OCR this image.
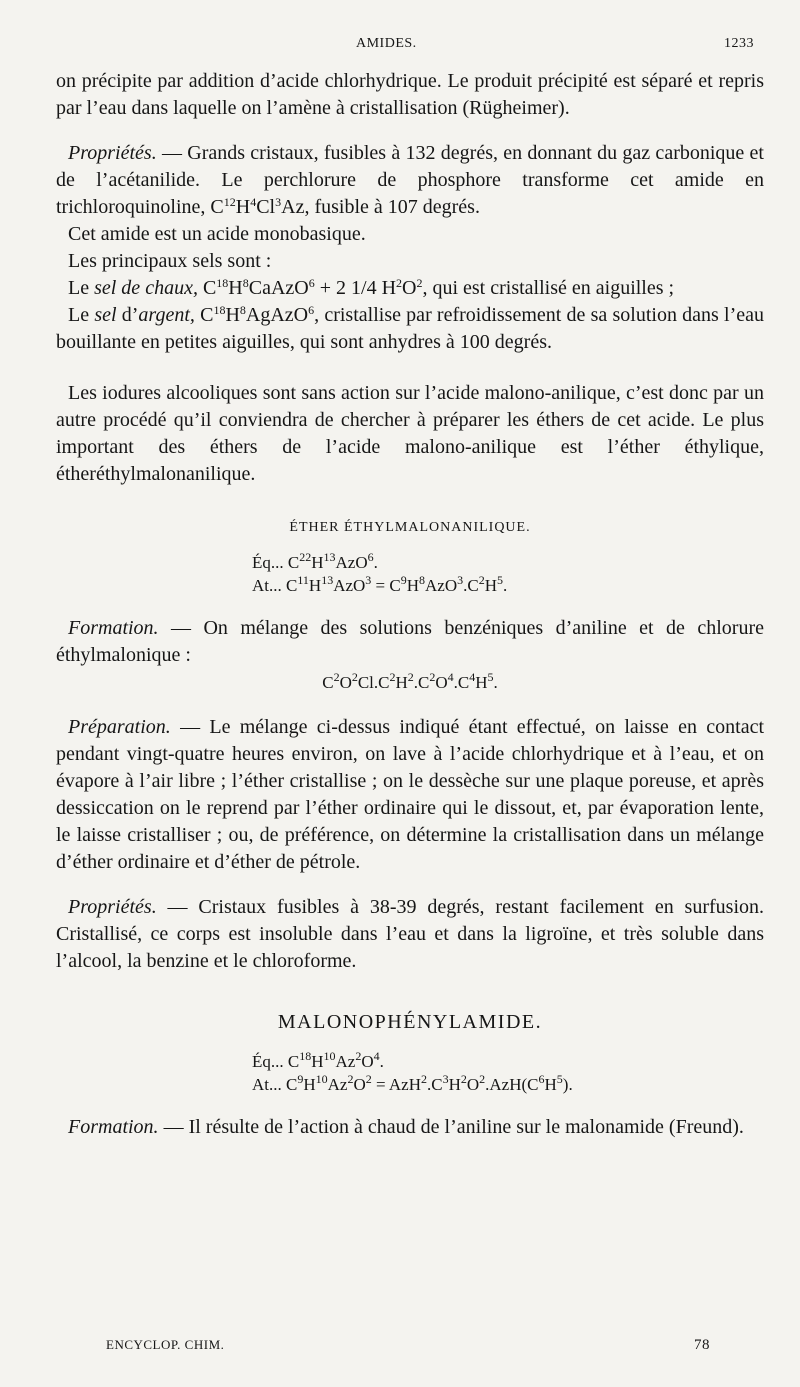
AMIDES.	1233

on précipite par addition d’acide chlorhydrique. Le produit précipité est séparé et repris par l’eau dans laquelle on l’amène à cristallisation (Rügheimer).

Propriétés. — Grands cristaux, fusibles à 132 degrés, en donnant du gaz carbonique et de l’acétanilide. Le perchlorure de phosphore transforme cet amide en trichloroquinoline, $C^{12}H^4Cl^3Az$, fusible à 107 degrés.

Cet amide est un acide monobasique.

Les principaux sels sont :

Le sel de chaux, $C^{18}H^8CaAzO^6 + 2$ 1/4 $H^2O^2$, qui est cristallisé en aiguilles ;

Le sel d’argent, $C^{18}H^8AgAzO^6$, cristallise par refroidissement de sa solution dans l’eau bouillante en petites aiguilles, qui sont anhydres à 100 degrés.

Les iodures alcooliques sont sans action sur l’acide malono-anilique, c’est donc par un autre procédé qu’il conviendra de chercher à préparer les éthers de cet acide. Le plus important des éthers de l’acide malono-anilique est l’éther éthylique, étheréthylmalonanilique.

ÉTHER ÉTHYLMALONANILIQUE.

Éq... $C^{22}H^{13}AzO^6$.
At... $C^{11}H^{13}AzO^3 = C^9H^8AzO^3.C^2H^5$.

Formation. — On mélange des solutions benzéniques d’aniline et de chlorure éthylmalonique :

$C^2O^2Cl.C^2H^2.C^2O^4.C^4H^5$.

Préparation. — Le mélange ci-dessus indiqué étant effectué, on laisse en contact pendant vingt-quatre heures environ, on lave à l’acide chlorhydrique et à l’eau, et on évapore à l’air libre ; l’éther cristallise ; on le dessèche sur une plaque poreuse, et après dessiccation on le reprend par l’éther ordinaire qui le dissout, et, par évaporation lente, le laisse cristalliser ; ou, de préférence, on détermine la cristallisation dans un mélange d’éther ordinaire et d’éther de pétrole.

Propriétés. — Cristaux fusibles à 38-39 degrés, restant facilement en surfusion. Cristallisé, ce corps est insoluble dans l’eau et dans la ligroïne, et très soluble dans l’alcool, la benzine et le chloroforme.

MALONOPHÉNYLAMIDE.

Éq... $C^{18}H^{10}Az^2O^4$.
At... $C^9H^{10}Az^2O^2 = AzH^2.C^3H^2O^2.AzH(C^6H^5)$.

Formation. — Il résulte de l’action à chaud de l’aniline sur le malonamide (Freund).

ENCYCLOP. CHIM.	78
